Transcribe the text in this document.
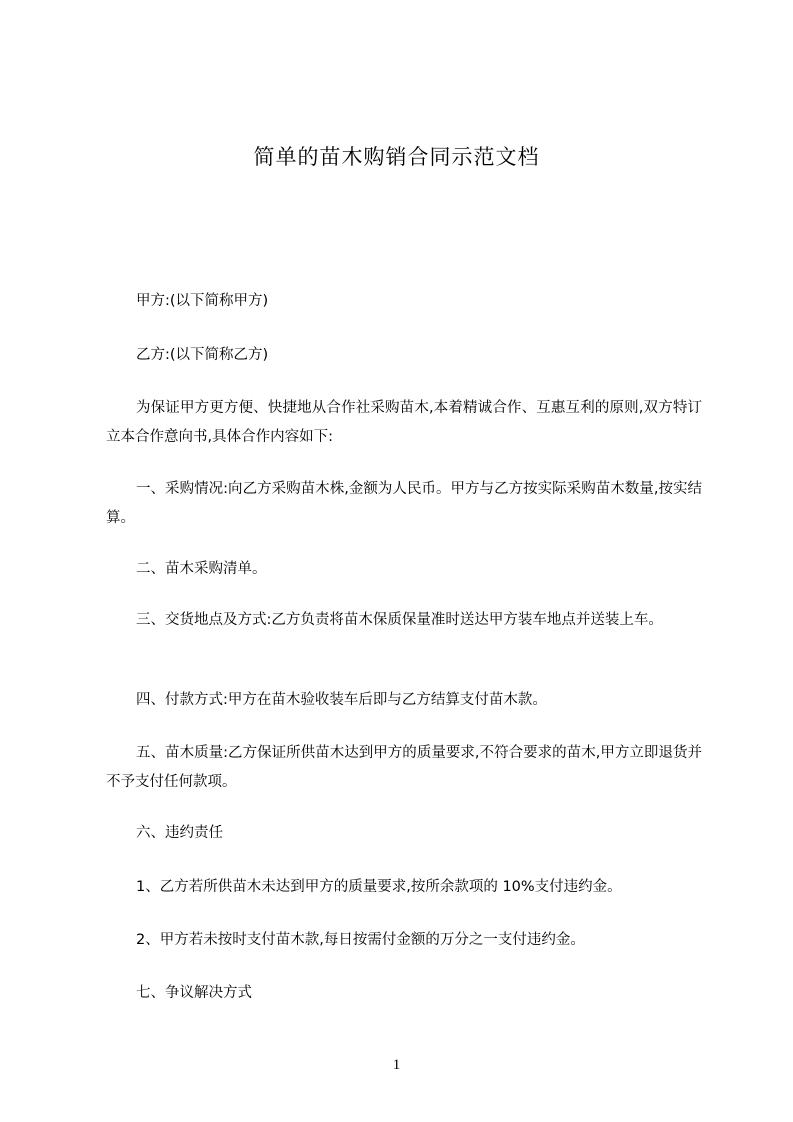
简单的苗木购销合同示范文档

甲方:(以下简称甲方)

乙方:(以下简称乙方)

为保证甲方更方便、快捷地从合作社采购苗木,本着精诚合作、互惠互利的原则,双方特订立本合作意向书,具体合作内容如下:

一、采购情况:向乙方采购苗木株,金额为人民币。甲方与乙方按实际采购苗木数量,按实结算。

二、苗木采购清单。

三、交货地点及方式:乙方负责将苗木保质保量准时送达甲方装车地点并送装上车。

四、付款方式:甲方在苗木验收装车后即与乙方结算支付苗木款。

五、苗木质量:乙方保证所供苗木达到甲方的质量要求,不符合要求的苗木,甲方立即退货并不予支付任何款项。

六、违约责任

1、乙方若所供苗木未达到甲方的质量要求,按所余款项的 10%支付违约金。

2、甲方若未按时支付苗木款,每日按需付金额的万分之一支付违约金。

七、争议解决方式

1
